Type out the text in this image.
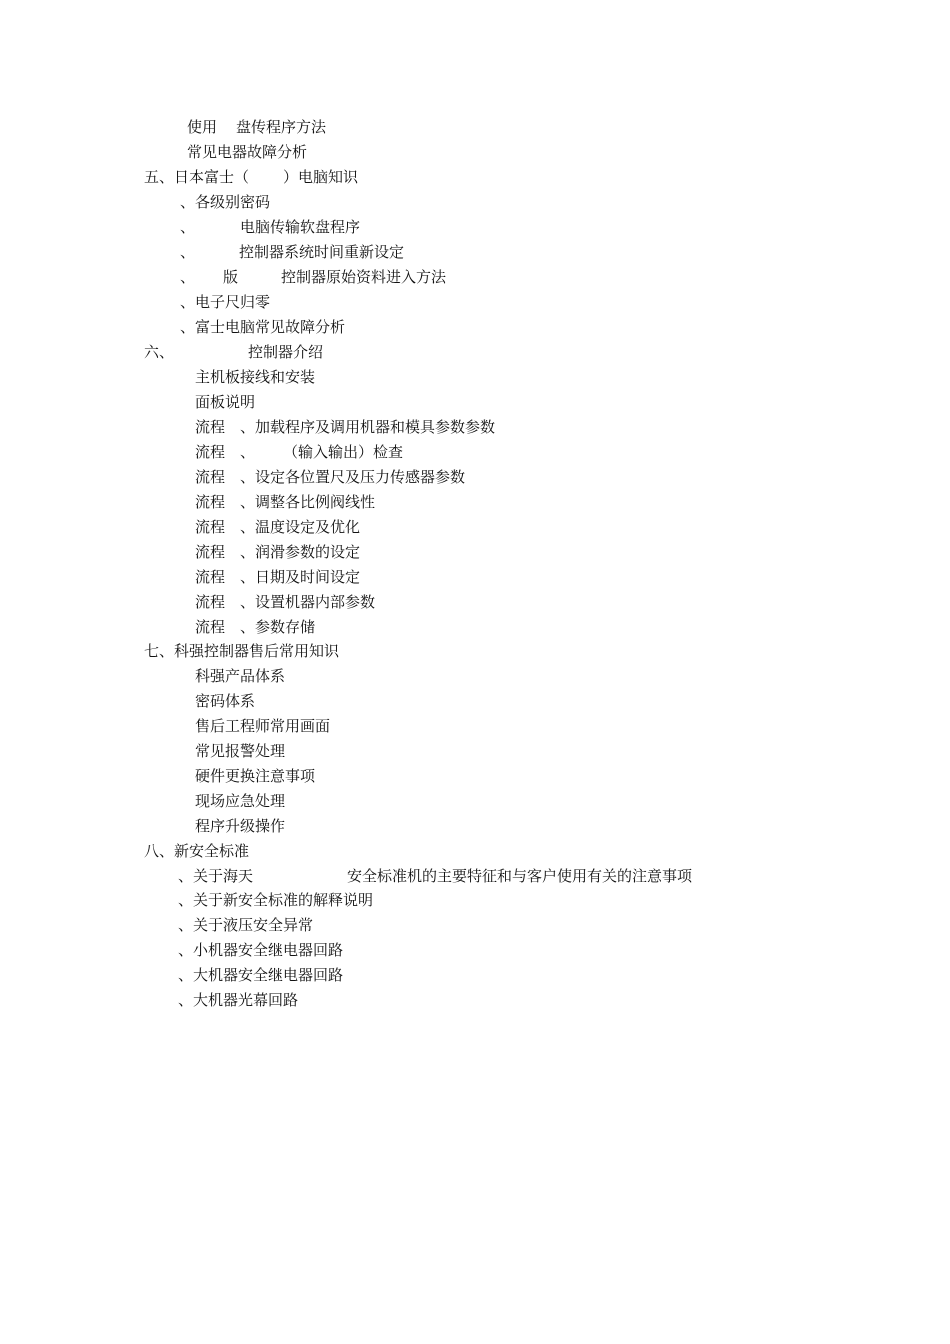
使用 盘传程序方法
常见电器故障分析
五、日本富士（ ）电脑知识
、各级别密码
、	电脑传输软盘程序
、	控制器系统时间重新设定
、 版	控制器原始资料进入方法
、电子尺归零
、富士电脑常见故障分析
六、	控制器介绍
主机板接线和安装
面板说明
流程 、加载程序及调用机器和模具参数参数
流程 、 （输入输出）检查
流程 、设定各位置尺及压力传感器参数
流程 、调整各比例阀线性
流程 、温度设定及优化
流程 、润滑参数的设定
流程 、日期及时间设定
流程 、设置机器内部参数
流程 、参数存储
七、科强控制器售后常用知识
科强产品体系
密码体系
售后工程师常用画面
常见报警处理
硬件更换注意事项
现场应急处理
程序升级操作
八、新安全标准
、关于海天	安全标准机的主要特征和与客户使用有关的注意事项
、关于新安全标准的解释说明
、关于液压安全异常
、小机器安全继电器回路
、大机器安全继电器回路
、大机器光幕回路
